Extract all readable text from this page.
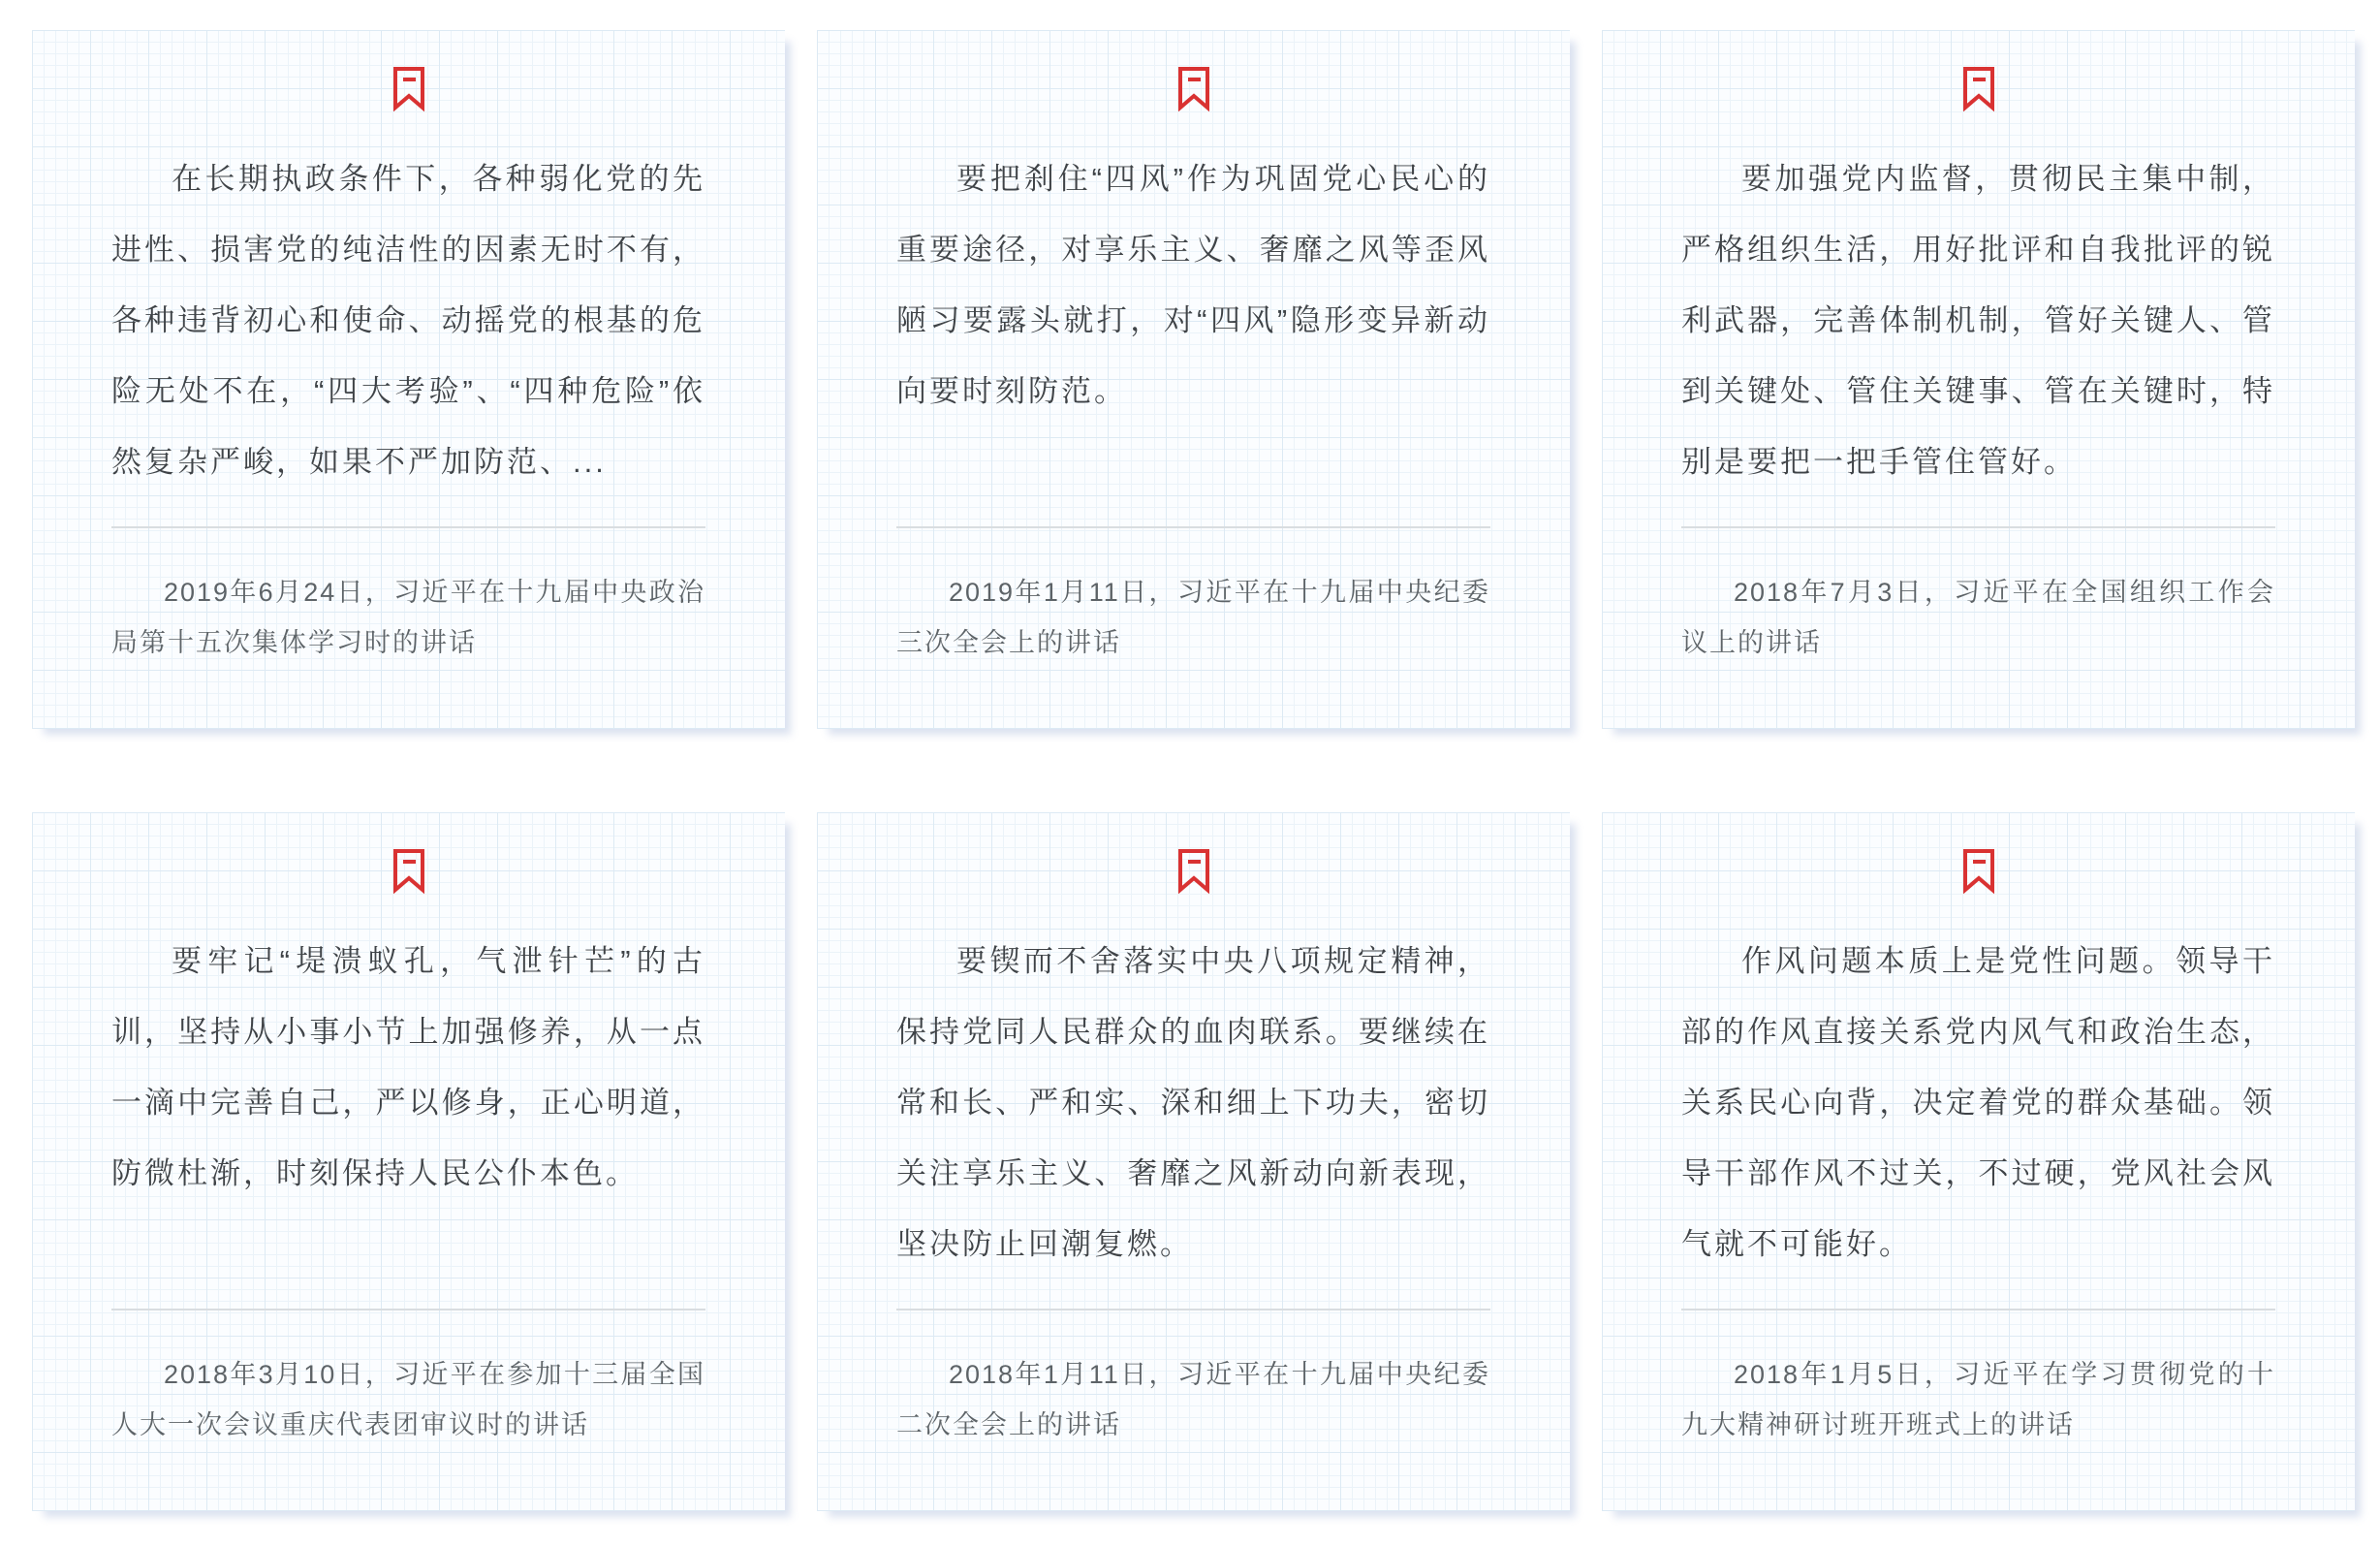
在长期执政条件下，各种弱化党的先进性、损害党的纯洁性的因素无时不有，各种违背初心和使命、动摇党的根基的危险无处不在，“四大考验”、“四种危险”依然复杂严峻，如果不严加防范、...

2019年6月24日，习近平在十九届中央政治局第十五次集体学习时的讲话

要把刹住“四风”作为巩固党心民心的重要途径，对享乐主义、奢靡之风等歪风陋习要露头就打，对“四风”隐形变异新动向要时刻防范。

2019年1月11日，习近平在十九届中央纪委三次全会上的讲话

要加强党内监督，贯彻民主集中制，严格组织生活，用好批评和自我批评的锐利武器，完善体制机制，管好关键人、管到关键处、管住关键事、管在关键时，特别是要把一把手管住管好。

2018年7月3日，习近平在全国组织工作会议上的讲话

要牢记“堤溃蚁孔，气泄针芒”的古训，坚持从小事小节上加强修养，从一点一滴中完善自己，严以修身，正心明道，防微杜渐，时刻保持人民公仆本色。

2018年3月10日，习近平在参加十三届全国人大一次会议重庆代表团审议时的讲话

要锲而不舍落实中央八项规定精神，保持党同人民群众的血肉联系。要继续在常和长、严和实、深和细上下功夫，密切关注享乐主义、奢靡之风新动向新表现，坚决防止回潮复燃。

2018年1月11日，习近平在十九届中央纪委二次全会上的讲话

作风问题本质上是党性问题。领导干部的作风直接关系党内风气和政治生态，关系民心向背，决定着党的群众基础。领导干部作风不过关，不过硬，党风社会风气就不可能好。

2018年1月5日，习近平在学习贯彻党的十九大精神研讨班开班式上的讲话
